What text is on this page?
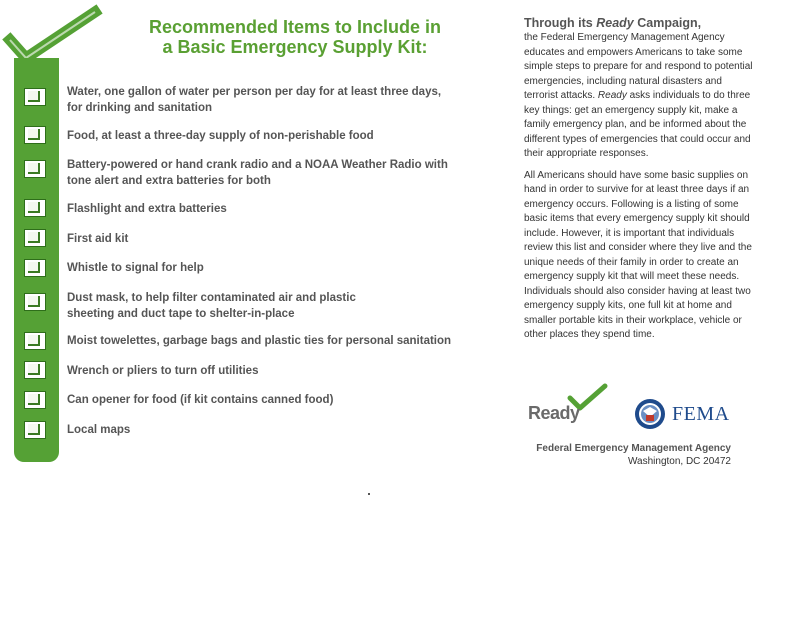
Recommended Items to Include in
a Basic Emergency Supply Kit:
Water, one gallon of water per person per day for at least three days,
for drinking and sanitation
Food, at least a three-day supply of non-perishable food
Battery-powered or hand crank radio and a NOAA Weather Radio with
tone alert and extra batteries for both
Flashlight and extra batteries
First aid kit
Whistle to signal for help
Dust mask, to help filter contaminated air and plastic
sheeting and duct tape to shelter-in-place
Moist towelettes, garbage bags and plastic ties for personal sanitation
Wrench or pliers to turn off utilities
Can opener for food (if kit contains canned food)
Local maps
Through its Ready Campaign,

the Federal Emergency Management Agency educates and empowers Americans to take some simple steps to prepare for and respond to potential emergencies, including natural disasters and terrorist attacks. Ready asks individuals to do three key things: get an emergency supply kit, make a family emergency plan, and be informed about the different types of emergencies that could occur and their appropriate responses.

All Americans should have some basic supplies on hand in order to survive for at least three days if an emergency occurs. Following is a listing of some basic items that every emergency supply kit should include. However, it is important that individuals review this list and consider where they live and the unique needs of their family in order to create an emergency supply kit that will meet these needs. Individuals should also consider having at least two emergency supply kits, one full kit at home and smaller portable kits in their workplace, vehicle or other places they spend time.

Ready	FEMA
Federal Emergency Management Agency
Washington, DC 20472
